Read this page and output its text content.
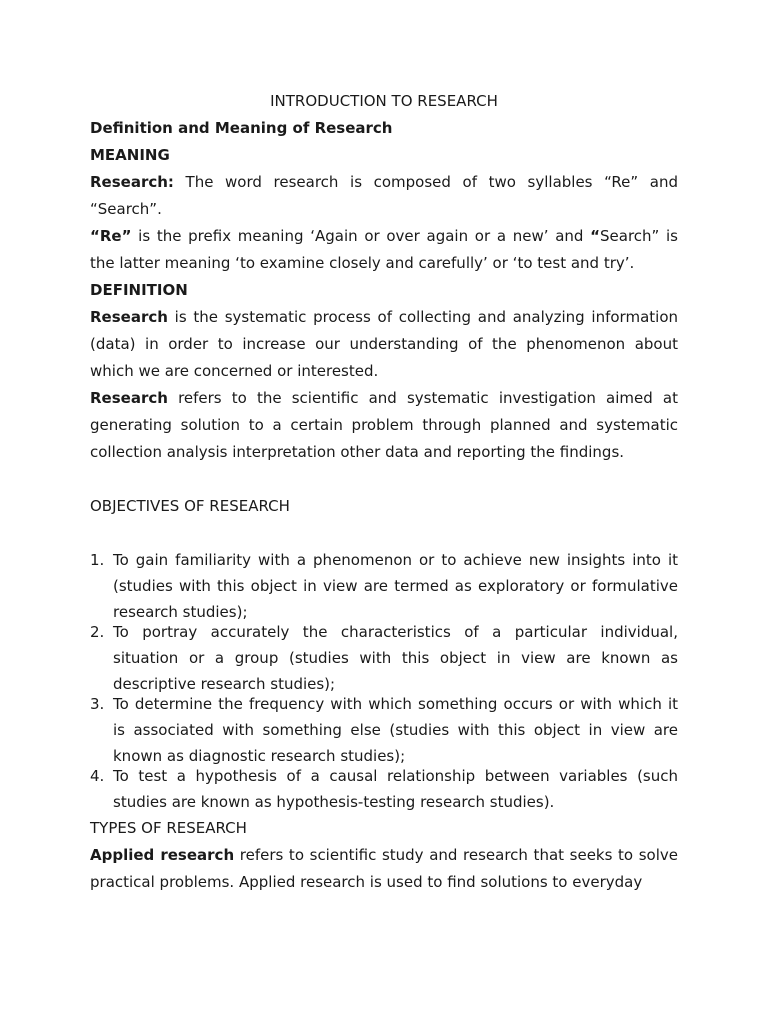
INTRODUCTION TO RESEARCH

Definition and Meaning of Research

MEANING

Research: The word research is composed of two syllables “Re” and “Search”.

“Re” is the prefix meaning ‘Again or over again or a new’ and “Search” is the latter meaning ‘to examine closely and carefully’ or ‘to test and try’.

DEFINITION

Research is the systematic process of collecting and analyzing information (data) in order to increase our understanding of the phenomenon about which we are concerned or interested.

Research refers to the scientific and systematic investigation aimed at generating solution to a certain problem through planned and systematic collection analysis interpretation other data and reporting the findings.

OBJECTIVES OF RESEARCH

1. To gain familiarity with a phenomenon or to achieve new insights into it (studies with this object in view are termed as exploratory or formulative research studies);
2. To portray accurately the characteristics of a particular individual, situation or a group (studies with this object in view are known as descriptive research studies);
3. To determine the frequency with which something occurs or with which it is associated with something else (studies with this object in view are known as diagnostic research studies);
4. To test a hypothesis of a causal relationship between variables (such studies are known as hypothesis-testing research studies).

TYPES OF RESEARCH

Applied research refers to scientific study and research that seeks to solve practical problems. Applied research is used to find solutions to everyday
